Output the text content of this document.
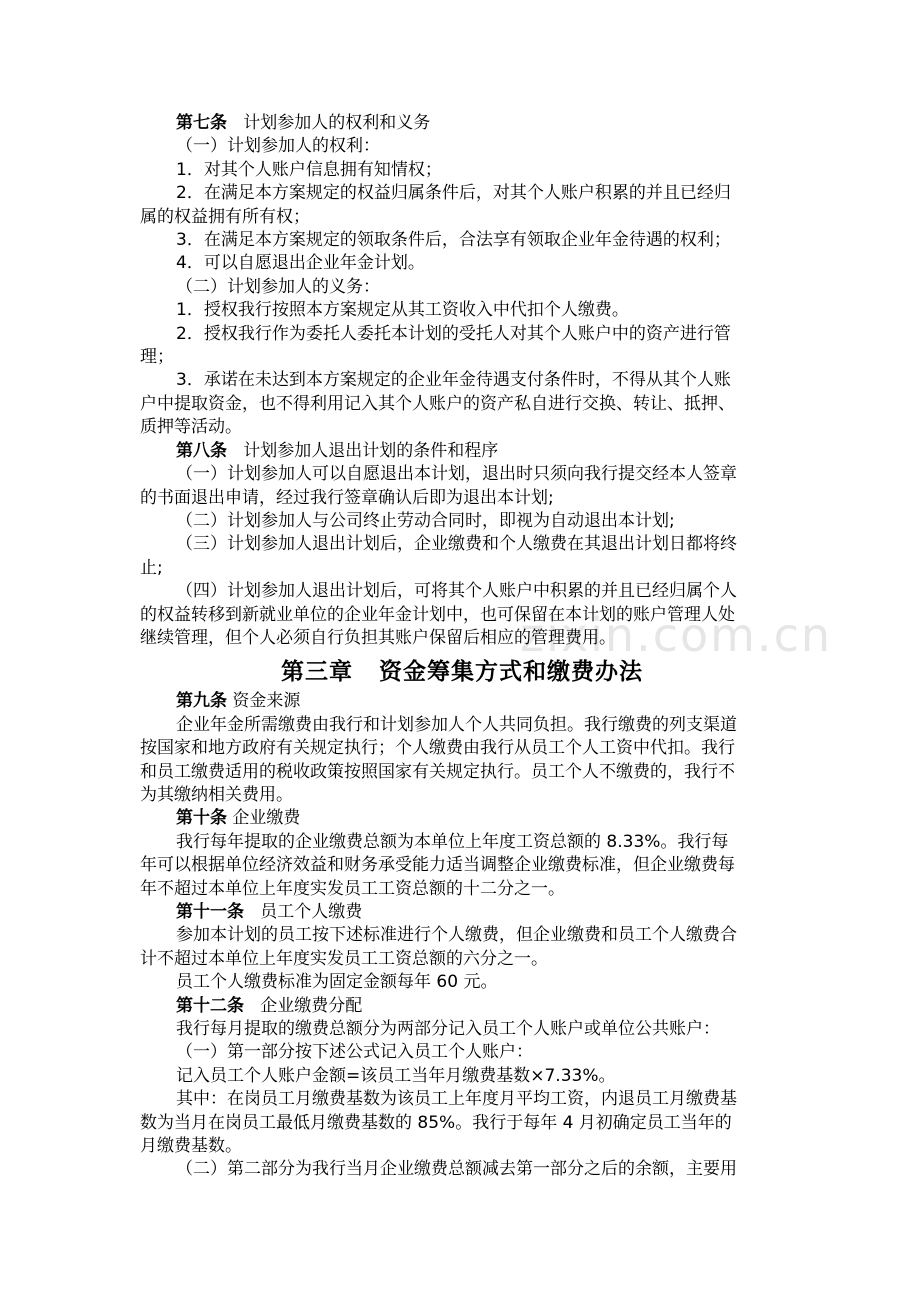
zixin.com.cn
第七条 计划参加人的权利和义务
（一）计划参加人的权利：
1．对其个人账户信息拥有知情权；
2．在满足本方案规定的权益归属条件后，对其个人账户积累的并且已经归
属的权益拥有所有权；
3．在满足本方案规定的领取条件后，合法享有领取企业年金待遇的权利；
4．可以自愿退出企业年金计划。
（二）计划参加人的义务：
1．授权我行按照本方案规定从其工资收入中代扣个人缴费。
2．授权我行作为委托人委托本计划的受托人对其个人账户中的资产进行管
理；
3．承诺在未达到本方案规定的企业年金待遇支付条件时，不得从其个人账
户中提取资金，也不得利用记入其个人账户的资产私自进行交换、转让、抵押、
质押等活动。
第八条 计划参加人退出计划的条件和程序
（一）计划参加人可以自愿退出本计划，退出时只须向我行提交经本人签章
的书面退出申请，经过我行签章确认后即为退出本计划;
（二）计划参加人与公司终止劳动合同时，即视为自动退出本计划;
（三）计划参加人退出计划后，企业缴费和个人缴费在其退出计划日都将终
止;
（四）计划参加人退出计划后，可将其个人账户中积累的并且已经归属个人
的权益转移到新就业单位的企业年金计划中，也可保留在本计划的账户管理人处
继续管理，但个人必须自行负担其账户保留后相应的管理费用。
第三章 资金筹集方式和缴费办法
第九条 资金来源
企业年金所需缴费由我行和计划参加人个人共同负担。我行缴费的列支渠道
按国家和地方政府有关规定执行；个人缴费由我行从员工个人工资中代扣。我行
和员工缴费适用的税收政策按照国家有关规定执行。员工个人不缴费的，我行不
为其缴纳相关费用。
第十条 企业缴费
我行每年提取的企业缴费总额为本单位上年度工资总额的 8.33%。我行每
年可以根据单位经济效益和财务承受能力适当调整企业缴费标准，但企业缴费每
年不超过本单位上年度实发员工工资总额的十二分之一。
第十一条 员工个人缴费
参加本计划的员工按下述标准进行个人缴费，但企业缴费和员工个人缴费合
计不超过本单位上年度实发员工工资总额的六分之一。
员工个人缴费标准为固定金额每年 60 元。
第十二条 企业缴费分配
我行每月提取的缴费总额分为两部分记入员工个人账户或单位公共账户：
（一）第一部分按下述公式记入员工个人账户：
记入员工个人账户金额=该员工当年月缴费基数×7.33%。
其中：在岗员工月缴费基数为该员工上年度月平均工资，内退员工月缴费基
数为当月在岗员工最低月缴费基数的 85%。我行于每年 4 月初确定员工当年的
月缴费基数。
（二）第二部分为我行当月企业缴费总额减去第一部分之后的余额，主要用
